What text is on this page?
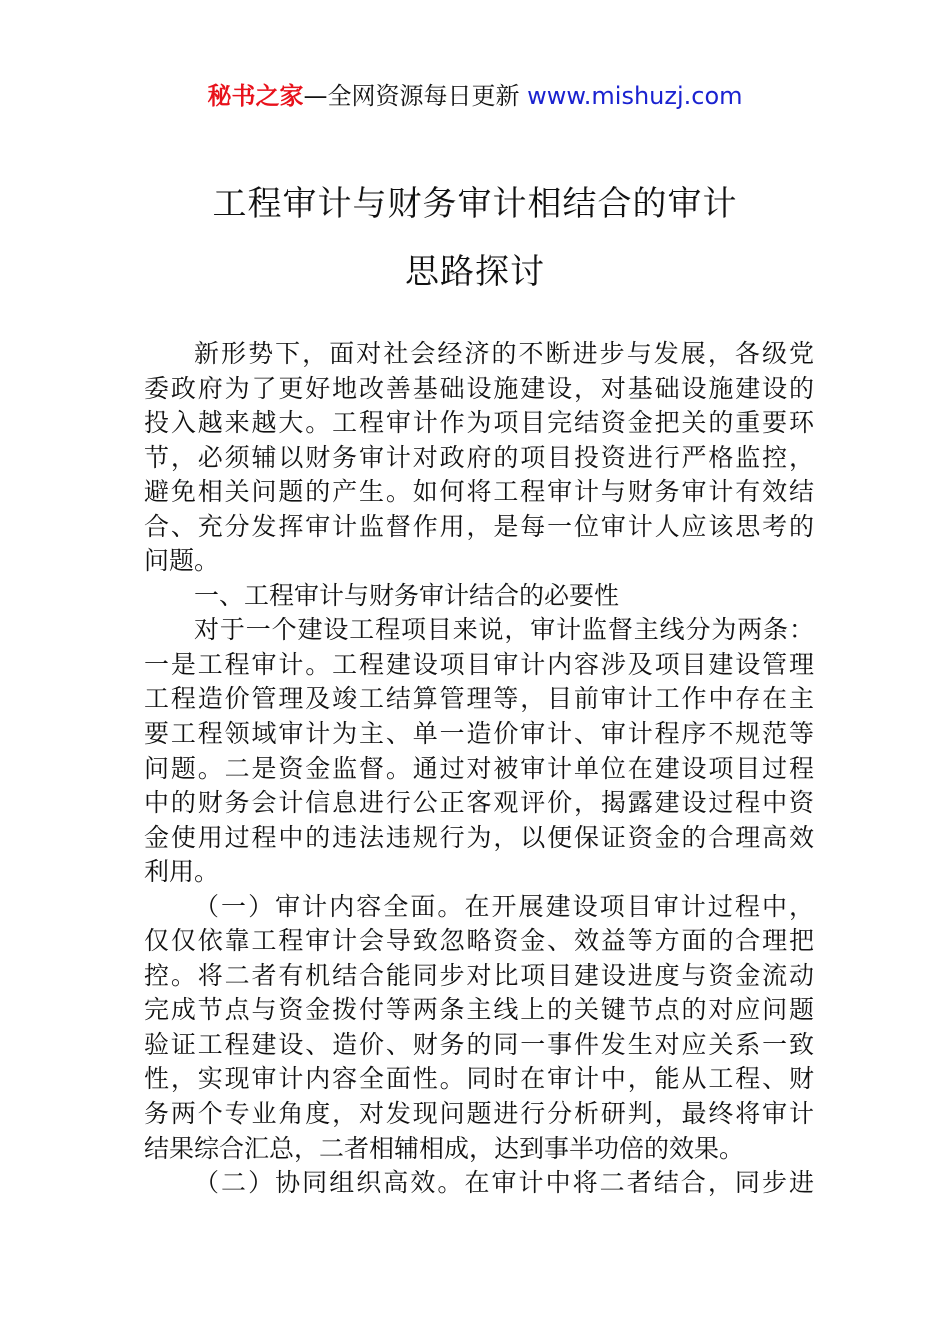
秘书之家—全网资源每日更新 www.mishuzj.com
工程审计与财务审计相结合的审计
思路探讨
新形势下，面对社会经济的不断进步与发展，各级党
委政府为了更好地改善基础设施建设，对基础设施建设的
投入越来越大。工程审计作为项目完结资金把关的重要环
节，必须辅以财务审计对政府的项目投资进行严格监控，
避免相关问题的产生。如何将工程审计与财务审计有效结
合、充分发挥审计监督作用，是每一位审计人应该思考的
问题。
一、工程审计与财务审计结合的必要性
对于一个建设工程项目来说，审计监督主线分为两条：
一是工程审计。工程建设项目审计内容涉及项目建设管理
工程造价管理及竣工结算管理等，目前审计工作中存在主
要工程领域审计为主、单一造价审计、审计程序不规范等
问题。二是资金监督。通过对被审计单位在建设项目过程
中的财务会计信息进行公正客观评价，揭露建设过程中资
金使用过程中的违法违规行为，以便保证资金的合理高效
利用。
（一）审计内容全面。在开展建设项目审计过程中，
仅仅依靠工程审计会导致忽略资金、效益等方面的合理把
控。将二者有机结合能同步对比项目建设进度与资金流动
完成节点与资金拨付等两条主线上的关键节点的对应问题
验证工程建设、造价、财务的同一事件发生对应关系一致
性，实现审计内容全面性。同时在审计中，能从工程、财
务两个专业角度，对发现问题进行分析研判，最终将审计
结果综合汇总，二者相辅相成，达到事半功倍的效果。
（二）协同组织高效。在审计中将二者结合，同步进
